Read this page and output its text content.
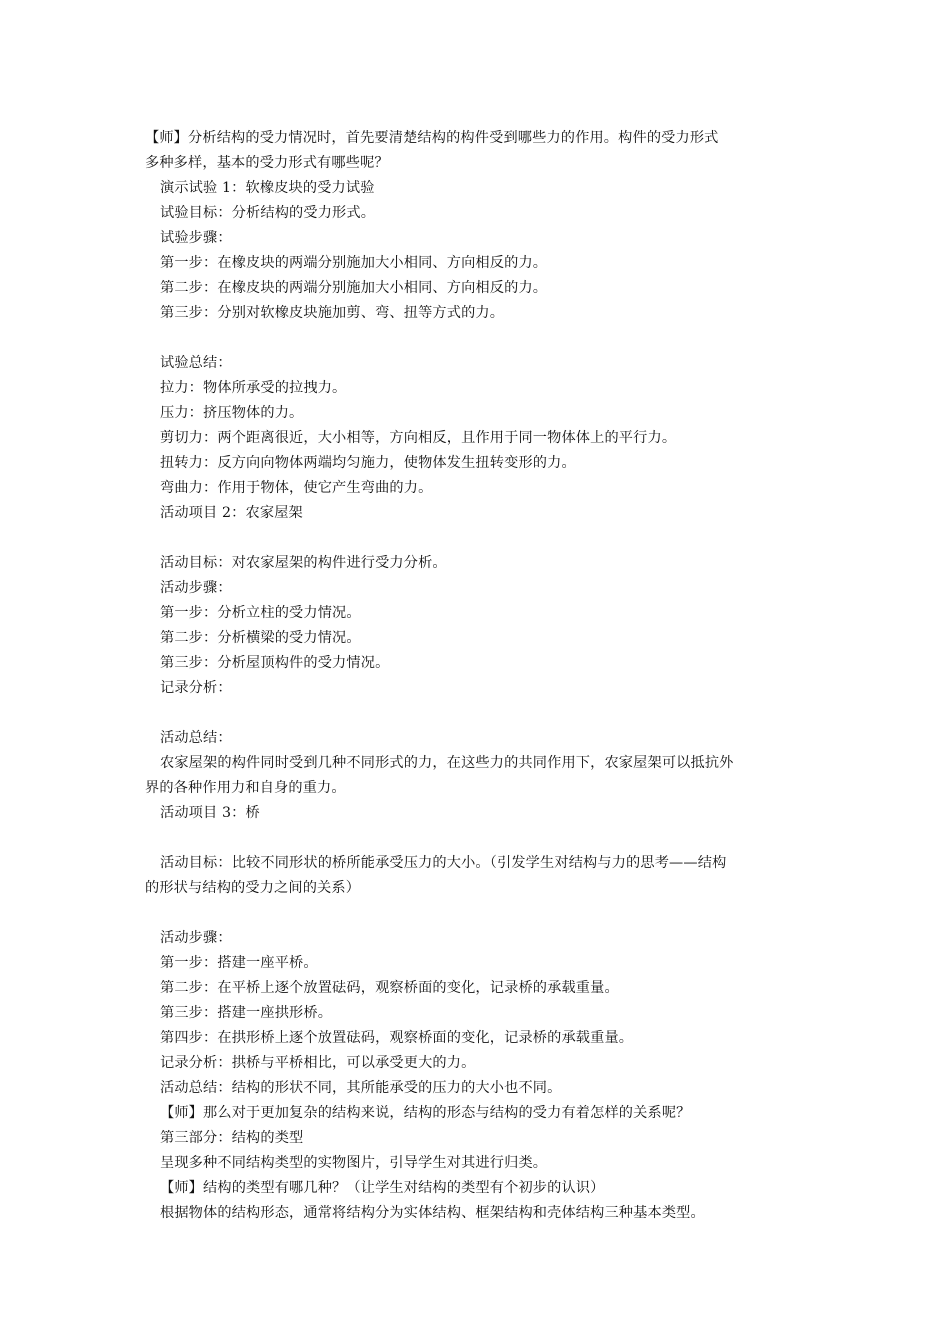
【师】分析结构的受力情况时，首先要清楚结构的构件受到哪些力的作用。构件的受力形式
多种多样，基本的受力形式有哪些呢？
演示试验 1：软橡皮块的受力试验
试验目标：分析结构的受力形式。
试验步骤：
第一步：在橡皮块的两端分别施加大小相同、方向相反的力。
第二步：在橡皮块的两端分别施加大小相同、方向相反的力。
第三步：分别对软橡皮块施加剪、弯、扭等方式的力。
试验总结：
拉力：物体所承受的拉拽力。
压力：挤压物体的力。
剪切力：两个距离很近，大小相等，方向相反，且作用于同一物体体上的平行力。
扭转力：反方向向物体两端均匀施力，使物体发生扭转变形的力。
弯曲力：作用于物体，使它产生弯曲的力。
活动项目 2：农家屋架
活动目标：对农家屋架的构件进行受力分析。
活动步骤：
第一步：分析立柱的受力情况。
第二步：分析横梁的受力情况。
第三步：分析屋顶构件的受力情况。
记录分析：
活动总结：
农家屋架的构件同时受到几种不同形式的力，在这些力的共同作用下，农家屋架可以抵抗外
界的各种作用力和自身的重力。
活动项目 3：桥
活动目标：比较不同形状的桥所能承受压力的大小。（引发学生对结构与力的思考——结构
的形状与结构的受力之间的关系）
活动步骤：
第一步：搭建一座平桥。
第二步：在平桥上逐个放置砝码，观察桥面的变化，记录桥的承载重量。
第三步：搭建一座拱形桥。
第四步：在拱形桥上逐个放置砝码，观察桥面的变化，记录桥的承载重量。
记录分析：拱桥与平桥相比，可以承受更大的力。
活动总结：结构的形状不同，其所能承受的压力的大小也不同。
【师】那么对于更加复杂的结构来说，结构的形态与结构的受力有着怎样的关系呢？
第三部分：结构的类型
呈现多种不同结构类型的实物图片，引导学生对其进行归类。
【师】结构的类型有哪几种？（让学生对结构的类型有个初步的认识）
根据物体的结构形态，通常将结构分为实体结构、框架结构和壳体结构三种基本类型。
